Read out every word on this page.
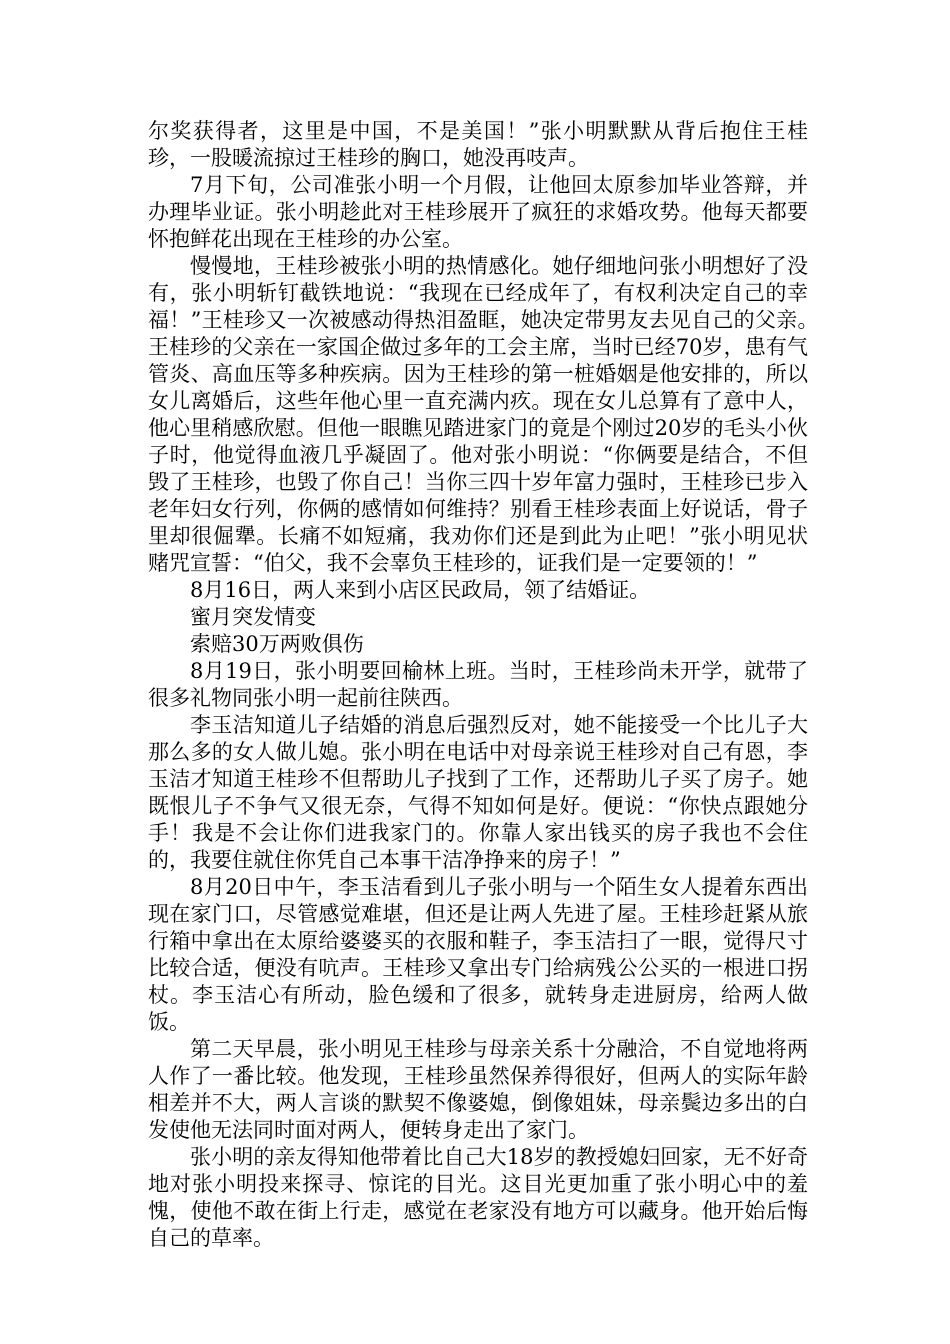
尔奖获得者，这里是中国，不是美国！”张小明默默从背后抱住王桂珍，一股暖流掠过王桂珍的胸口，她没再吱声。

7月下旬，公司准张小明一个月假，让他回太原参加毕业答辩，并办理毕业证。张小明趁此对王桂珍展开了疯狂的求婚攻势。他每天都要怀抱鲜花出现在王桂珍的办公室。

慢慢地，王桂珍被张小明的热情感化。她仔细地问张小明想好了没有，张小明斩钉截铁地说：“我现在已经成年了，有权利决定自己的幸福！”王桂珍又一次被感动得热泪盈眶，她决定带男友去见自己的父亲。　　　王桂珍的父亲在一家国企做过多年的工会主席，当时已经70岁，患有气管炎、高血压等多种疾病。因为王桂珍的第一桩婚姻是他安排的，所以女儿离婚后，这些年他心里一直充满内疚。现在女儿总算有了意中人，他心里稍感欣慰。但他一眼瞧见踏进家门的竟是个刚过20岁的毛头小伙子时，他觉得血液几乎凝固了。他对张小明说：“你俩要是结合，不但毁了王桂珍，也毁了你自己！当你三四十岁年富力强时，王桂珍已步入老年妇女行列，你俩的感情如何维持？别看王桂珍表面上好说话，骨子里却很倔犟。长痛不如短痛，我劝你们还是到此为止吧！”张小明见状赌咒宣誓：“伯父，我不会辜负王桂珍的，证我们是一定要领的！”

8月16日，两人来到小店区民政局，领了结婚证。

蜜月突发情变

索赔30万两败俱伤

8月19日，张小明要回榆林上班。当时，王桂珍尚未开学，就带了很多礼物同张小明一起前往陕西。

李玉洁知道儿子结婚的消息后强烈反对，她不能接受一个比儿子大那么多的女人做儿媳。张小明在电话中对母亲说王桂珍对自己有恩，李玉洁才知道王桂珍不但帮助儿子找到了工作，还帮助儿子买了房子。她既恨儿子不争气又很无奈，气得不知如何是好。便说：“你快点跟她分手！我是不会让你们进我家门的。你靠人家出钱买的房子我也不会住的，我要住就住你凭自己本事干洁净挣来的房子！”

8月20日中午，李玉洁看到儿子张小明与一个陌生女人提着东西出现在家门口，尽管感觉难堪，但还是让两人先进了屋。王桂珍赶紧从旅行箱中拿出在太原给婆婆买的衣服和鞋子，李玉洁扫了一眼，觉得尺寸比较合适，便没有吭声。王桂珍又拿出专门给病残公公买的一根进口拐杖。李玉洁心有所动，脸色缓和了很多，就转身走进厨房，给两人做饭。

第二天早晨，张小明见王桂珍与母亲关系十分融洽，不自觉地将两人作了一番比较。他发现，王桂珍虽然保养得很好，但两人的实际年龄相差并不大，两人言谈的默契不像婆媳，倒像姐妹，母亲鬓边多出的白发使他无法同时面对两人，便转身走出了家门。

张小明的亲友得知他带着比自己大18岁的教授媳妇回家，无不好奇地对张小明投来探寻、惊诧的目光。这目光更加重了张小明心中的羞愧，使他不敢在街上行走，感觉在老家没有地方可以藏身。他开始后悔自己的草率。
